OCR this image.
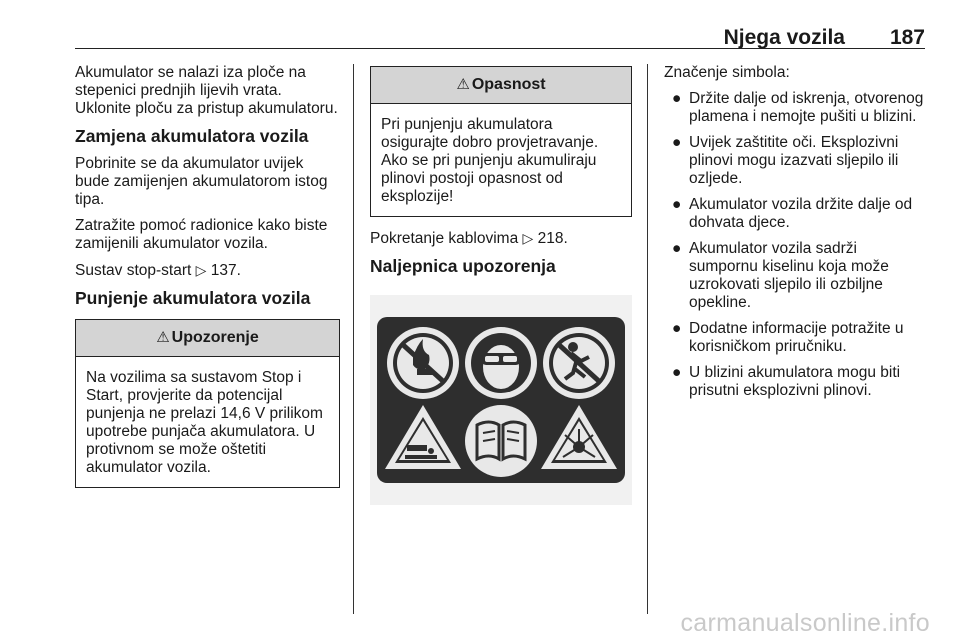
Njega vozila 187

Akumulator se nalazi iza ploče na stepenici prednjih lijevih vrata. Uklonite ploču za pristup akumulatoru.

Zamjena akumulatora vozila

Pobrinite se da akumulator uvijek bude zamijenjen akumulatorom istog tipa.

Zatražite pomoć radionice kako biste zamijenili akumulator vozila.

Sustav stop-start ▷ 137.

Punjenje akumulatora vozila
⚠ Upozorenje
Na vozilima sa sustavom Stop i Start, provjerite da potencijal punjenja ne prelazi 14,6 V prilikom upotrebe punjača akumulatora. U protivnom se može oštetiti akumulator vozila.
⚠ Opasnost
Pri punjenju akumulatora osigurajte dobro provjetravanje. Ako se pri punjenju akumuliraju plinovi postoji opasnost od eksplozije!

Pokretanje kablovima ▷ 218.

Naljepnica upozorenja

Značenje simbola:

● Držite dalje od iskrenja, otvorenog plamena i nemojte pušiti u blizini.
● Uvijek zaštitite oči. Eksplozivni plinovi mogu izazvati sljepilo ili ozljede.
● Akumulator vozila držite dalje od dohvata djece.
● Akumulator vozila sadrži sumpornu kiselinu koja može uzrokovati sljepilo ili ozbiljne opekline.
● Dodatne informacije potražite u korisničkom priručniku.
● U blizini akumulatora mogu biti prisutni eksplozivni plinovi.
carmanualsonline.info
